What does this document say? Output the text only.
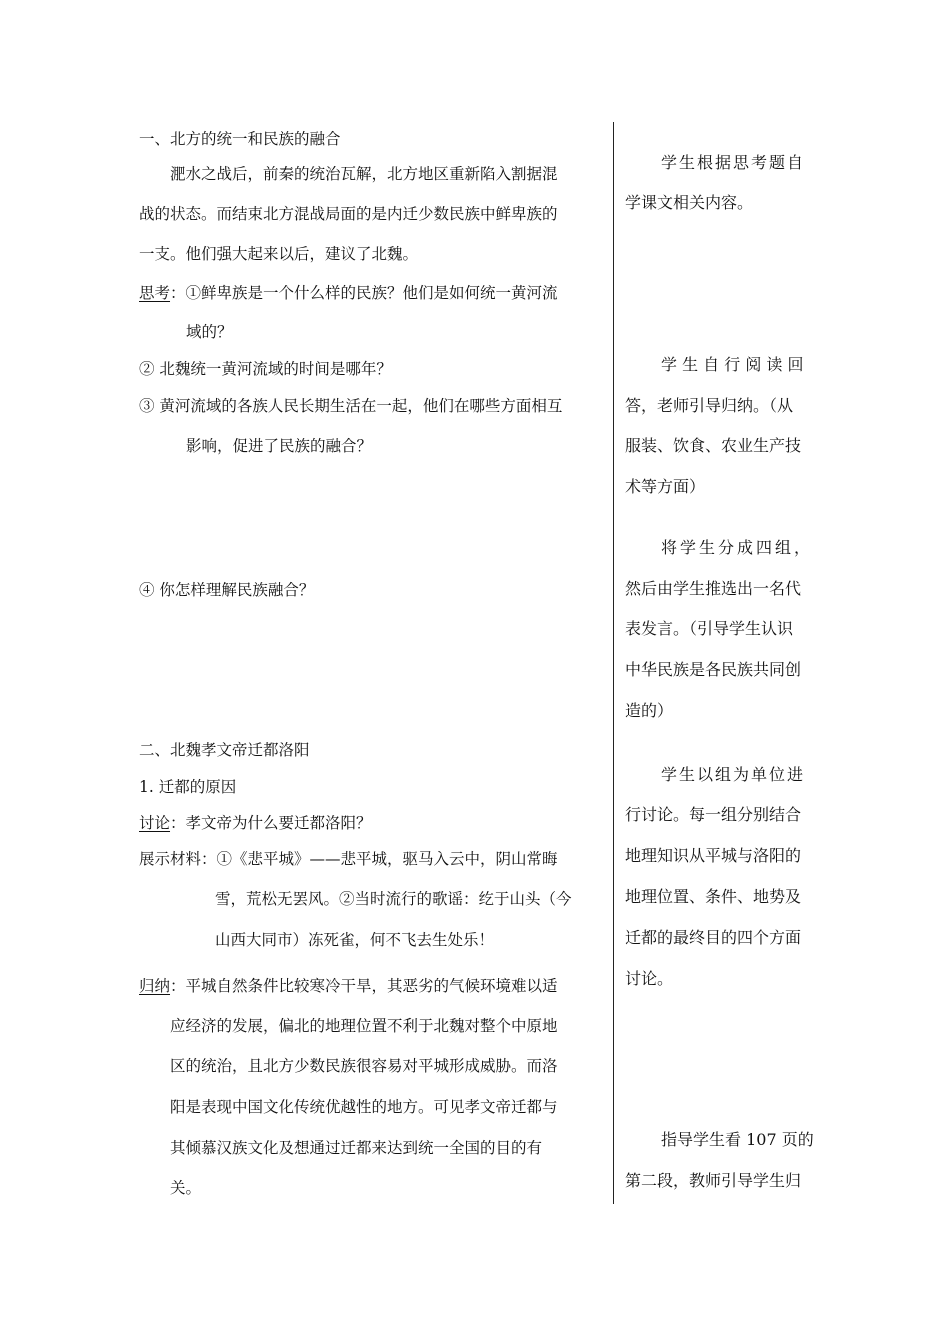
一、北方的统一和民族的融合
淝水之战后，前秦的统治瓦解，北方地区重新陷入割据混
战的状态。而结束北方混战局面的是内迁少数民族中鲜卑族的
一支。他们强大起来以后，建议了北魏。
思考：①鲜卑族是一个什么样的民族？他们是如何统一黄河流
域的？
② 北魏统一黄河流域的时间是哪年？
③ 黄河流域的各族人民长期生活在一起，他们在哪些方面相互
影响，促进了民族的融合？
④ 你怎样理解民族融合？
二、北魏孝文帝迁都洛阳
1. 迁都的原因
讨论：孝文帝为什么要迁都洛阳？
展示材料：①《悲平城》——悲平城，驱马入云中，阴山常晦
雪，荒松无罢风。②当时流行的歌谣：纥于山头（今
山西大同市）冻死雀，何不飞去生处乐！
归纳：平城自然条件比较寒冷干旱，其恶劣的气候环境难以适
应经济的发展，偏北的地理位置不利于北魏对整个中原地
区的统治，且北方少数民族很容易对平城形成威胁。而洛
阳是表现中国文化传统优越性的地方。可见孝文帝迁都与
其倾慕汉族文化及想通过迁都来达到统一全国的目的有
关。
学生根据思考题自
学课文相关内容。
学 生 自 行 阅 读 回
答，老师引导归纳。（从
服装、饮食、农业生产技
术等方面）
将学生分成四组，
然后由学生推选出一名代
表发言。（引导学生认识
中华民族是各民族共同创
造的）
学生以组为单位进
行讨论。每一组分别结合
地理知识从平城与洛阳的
地理位置、条件、地势及
迁都的最终目的四个方面
讨论。
指导学生看 107 页的
第二段，教师引导学生归
